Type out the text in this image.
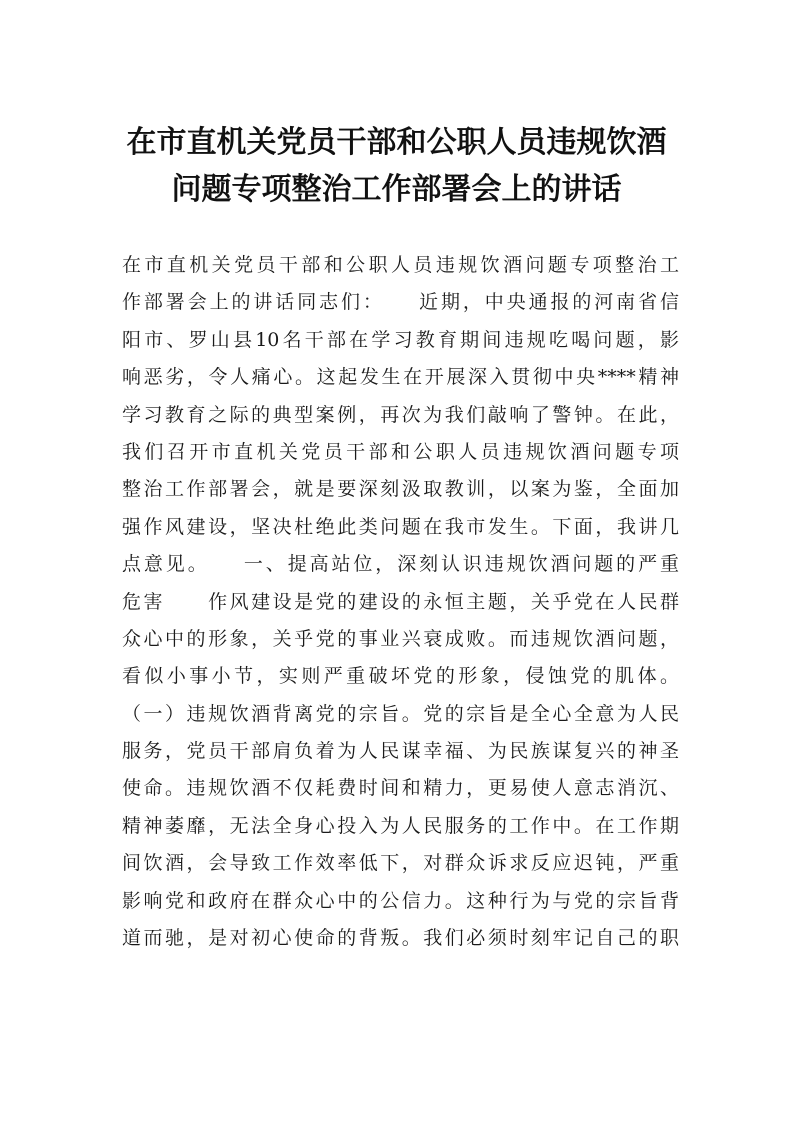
在市直机关党员干部和公职人员违规饮酒
问题专项整治工作部署会上的讲话
在市直机关党员干部和公职人员违规饮酒问题专项整治工
作部署会上的讲话同志们：　　近期，中央通报的河南省信
阳市、罗山县10名干部在学习教育期间违规吃喝问题，影
响恶劣，令人痛心。这起发生在开展深入贯彻中央****精神
学习教育之际的典型案例，再次为我们敲响了警钟。在此，
我们召开市直机关党员干部和公职人员违规饮酒问题专项
整治工作部署会，就是要深刻汲取教训，以案为鉴，全面加
强作风建设，坚决杜绝此类问题在我市发生。下面，我讲几
点意见。　　一、提高站位，深刻认识违规饮酒问题的严重
危害　　作风建设是党的建设的永恒主题，关乎党在人民群
众心中的形象，关乎党的事业兴衰成败。而违规饮酒问题，
看似小事小节，实则严重破坏党的形象，侵蚀党的肌体。
（一）违规饮酒背离党的宗旨。党的宗旨是全心全意为人民
服务，党员干部肩负着为人民谋幸福、为民族谋复兴的神圣
使命。违规饮酒不仅耗费时间和精力，更易使人意志消沉、
精神萎靡，无法全身心投入为人民服务的工作中。在工作期
间饮酒，会导致工作效率低下，对群众诉求反应迟钝，严重
影响党和政府在群众心中的公信力。这种行为与党的宗旨背
道而驰，是对初心使命的背叛。我们必须时刻牢记自己的职
